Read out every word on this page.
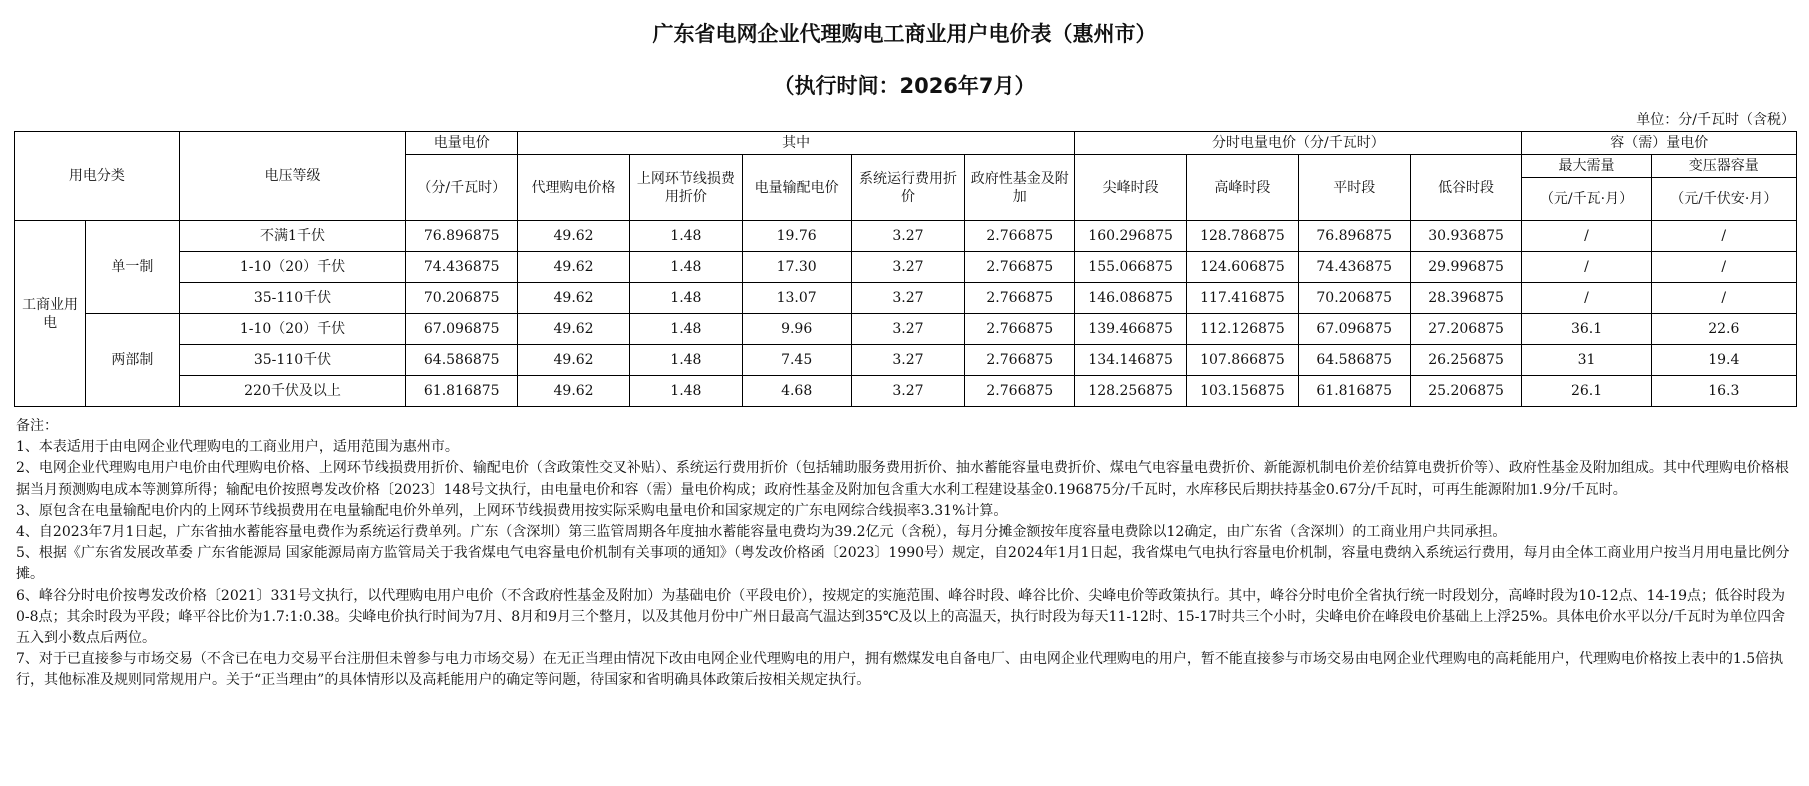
广东省电网企业代理购电工商业用户电价表（惠州市）
（执行时间：2026年7月）
单位：分/千瓦时（含税）
用电分类		电压等级	电量电价	其中					分时电量电价（分/千瓦时）				容（需）量电价	
			（分/千瓦时）	代理购电价格	上网环节线损费用折价	电量输配电价	系统运行费用折价	政府性基金及附加	尖峰时段	高峰时段	平时段	低谷时段	最大需量	变压器容量
													（元/千瓦·月）	（元/千伏安·月）
工商业用电	单一制	不满1千伏	76.896875	49.62	1.48	19.76	3.27	2.766875	160.296875	128.786875	76.896875	30.936875	/	/
		1-10（20）千伏	74.436875	49.62	1.48	17.30	3.27	2.766875	155.066875	124.606875	74.436875	29.996875	/	/
		35-110千伏	70.206875	49.62	1.48	13.07	3.27	2.766875	146.086875	117.416875	70.206875	28.396875	/	/
	两部制	1-10（20）千伏	67.096875	49.62	1.48	9.96	3.27	2.766875	139.466875	112.126875	67.096875	27.206875	36.1	22.6
		35-110千伏	64.586875	49.62	1.48	7.45	3.27	2.766875	134.146875	107.866875	64.586875	26.256875	31	19.4
		220千伏及以上	61.816875	49.62	1.48	4.68	3.27	2.766875	128.256875	103.156875	61.816875	25.206875	26.1	16.3

备注：

1、本表适用于由电网企业代理购电的工商业用户，适用范围为惠州市。

2、电网企业代理购电用户电价由代理购电价格、上网环节线损费用折价、输配电价（含政策性交叉补贴）、系统运行费用折价（包括辅助服务费用折价、抽水蓄能容量电费折价、煤电气电容量电费折价、新能源机制电价差价结算电费折价等）、政府性基金及附加组成。其中代理购电价格根据当月预测购电成本等测算所得；输配电价按照粤发改价格〔2023〕148号文执行，由电量电价和容（需）量电价构成；政府性基金及附加包含重大水利工程建设基金0.196875分/千瓦时，水库移民后期扶持基金0.67分/千瓦时，可再生能源附加1.9分/千瓦时。

3、原包含在电量输配电价内的上网环节线损费用在电量输配电价外单列，上网环节线损费用按实际采购电量电价和国家规定的广东电网综合线损率3.31%计算。

4、自2023年7月1日起，广东省抽水蓄能容量电费作为系统运行费单列。广东（含深圳）第三监管周期各年度抽水蓄能容量电费均为39.2亿元（含税），每月分摊金额按年度容量电费除以12确定，由广东省（含深圳）的工商业用户共同承担。

5、根据《广东省发展改革委 广东省能源局 国家能源局南方监管局关于我省煤电气电容量电价机制有关事项的通知》（粤发改价格函〔2023〕1990号）规定，自2024年1月1日起，我省煤电气电执行容量电价机制，容量电费纳入系统运行费用，每月由全体工商业用户按当月用电量比例分摊。

6、峰谷分时电价按粤发改价格〔2021〕331号文执行，以代理购电用户电价（不含政府性基金及附加）为基础电价（平段电价），按规定的实施范围、峰谷时段、峰谷比价、尖峰电价等政策执行。其中，峰谷分时电价全省执行统一时段划分，高峰时段为10-12点、14-19点；低谷时段为0-8点；其余时段为平段；峰平谷比价为1.7:1:0.38。尖峰电价执行时间为7月、8月和9月三个整月，以及其他月份中广州日最高气温达到35℃及以上的高温天，执行时段为每天11-12时、15-17时共三个小时，尖峰电价在峰段电价基础上上浮25%。具体电价水平以分/千瓦时为单位四舍五入到小数点后两位。

7、对于已直接参与市场交易（不含已在电力交易平台注册但未曾参与电力市场交易）在无正当理由情况下改由电网企业代理购电的用户，拥有燃煤发电自备电厂、由电网企业代理购电的用户，暂不能直接参与市场交易由电网企业代理购电的高耗能用户，代理购电价格按上表中的1.5倍执行，其他标准及规则同常规用户。关于“正当理由”的具体情形以及高耗能用户的确定等问题，待国家和省明确具体政策后按相关规定执行。
